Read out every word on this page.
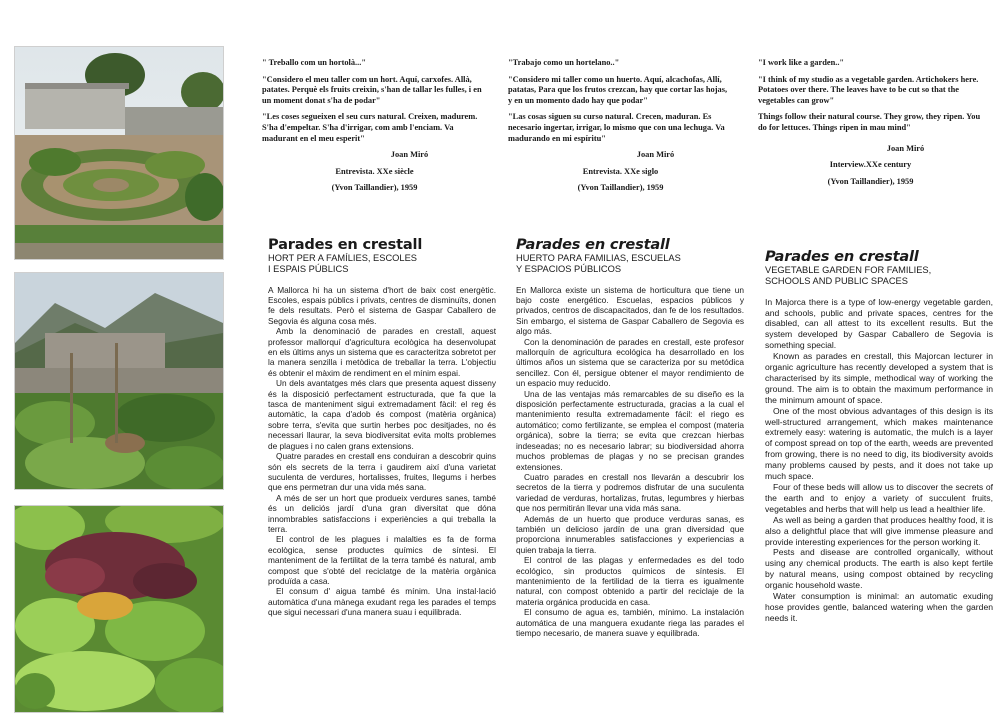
" Treballo com un hortolà..."

"Considero el meu taller com un hort. Aquí, carxofes. Allà, patates. Perquè els fruits creixin, s'han de tallar les fulles, i en un moment donat s'ha de podar"

"Les coses segueixen el seu curs natural. Creixen, madurem. S'ha d'empeltar. S'ha d'irrigar, com amb l'enciam. Va madurant en el meu esperit"

Joan Miró

Entrevista. XXe siècle

(Yvon Taillandier), 1959

Parades en crestall
HORT PER A FAMÍLIES, ESCOLES
I ESPAIS PÚBLICS

A Mallorca hi ha un sistema d'hort de baix cost energètic. Escoles, espais públics i privats, centres de disminuïts, donen fe dels resultats. Però el sistema de Gaspar Caballero de Segovia és alguna cosa més.

Amb la denominació de parades en crestall, aquest professor mallorquí d'agricultura ecològica ha desenvolupat en els últims anys un sistema que es caracteritza sobretot per la manera senzilla i metòdica de treballar la terra. L'objectiu és obtenir el màxim de rendiment en el mínim espai.

Un dels avantatges més clars que presenta aquest disseny és la disposició perfectament estructurada, que fa que la tasca de manteniment sigui extremadament fàcil: el reg és automàtic, la capa d'adob és compost (matèria orgànica) sobre terra, s'evita que surtin herbes poc desitjades, no és necessari llaurar, la seva biodiversitat evita molts problemes de plagues i no calen grans extensions.

Quatre parades en crestall ens conduiran a descobrir quins són els secrets de la terra i gaudirem així d'una varietat suculenta de verdures, hortalisses, fruites, llegums i herbes que ens permetran dur una vida més sana.

A més de ser un hort que produeix verdures sanes, també és un deliciós jardí d'una gran diversitat que dóna innombrables satisfaccions i experiències a qui treballa la terra.

El control de les plagues i malalties es fa de forma ecològica, sense productes químics de síntesi. El manteniment de la fertilitat de la terra també és natural, amb compost que s'obté del reciclatge de la matèria orgànica produïda a casa.

El consum d' aigua també és mínim. Una instal·lació automàtica d'una mànega exudant rega les parades el temps que sigui necessari d'una manera suau i equilibrada.

"Trabajo como un hortelano.."

"Considero mi taller como un huerto. Aquí, alcachofas, Allí, patatas, Para que los frutos crezcan, hay que cortar las hojas, y en un momento dado hay que podar"

"Las cosas siguen su curso natural. Crecen, maduran. Es necesario ingertar, irrigar, lo mismo que con una lechuga. Va madurando en mi espíritu"

Joan Miró

Entrevista. XXe siglo

(Yvon Taillandier), 1959

Parades en crestall
HUERTO PARA FAMILIAS, ESCUELAS
Y ESPACIOS PÚBLICOS

En Mallorca existe un sistema de horticultura que tiene un bajo coste energético. Escuelas, espacios públicos y privados, centros de discapacitados, dan fe de los resultados. Sin embargo, el sistema de Gaspar Caballero de Segovia es algo más.

Con la denominación de parades en crestall, este profesor mallorquín de agricultura ecológica ha desarrollado en los últimos años un sistema que se caracteriza por su metódica sencillez. Con él, persigue obtener el mayor rendimiento de un espacio muy reducido.

Una de las ventajas más remarcables de su diseño es la disposición perfectamente estructurada, gracias a la cual el mantenimiento resulta extremadamente fácil: el riego es automático; como fertilizante, se emplea el compost (materia orgánica), sobre la tierra; se evita que crezcan hierbas indeseadas; no es necesario labrar; su biodiversidad ahorra muchos problemas de plagas y no se precisan grandes extensiones.

Cuatro parades en crestall nos llevarán a descubrir los secretos de la tierra y podremos disfrutar de una suculenta variedad de verduras, hortalizas, frutas, legumbres y hierbas que nos permitirán llevar una vida más sana.

Además de un huerto que produce verduras sanas, es también un delicioso jardín de una gran diversidad que proporciona innumerables satisfacciones y experiencias a quien trabaja la tierra.

El control de las plagas y enfermedades es del todo ecológico, sin productos químicos de síntesis. El mantenimiento de la fertilidad de la tierra es igualmente natural, con compost obtenido a partir del reciclaje de la materia orgánica producida en casa.

El consumo de agua es, también, mínimo. La instalación automática de una manguera exudante riega las parades el tiempo necesario, de manera suave y equilibrada.

"I work like a garden.."

"I think of my studio as a vegetable garden. Artichokers here. Potatoes over there. The leaves have to be cut so that the vegetables can grow"

Things follow their natural course. They grow, they ripen. You do for lettuces. Things ripen in mau mind"

Joan Miró

Interview.XXe century

(Yvon Taillandier), 1959

Parades en crestall
VEGETABLE GARDEN FOR FAMILIES,
SCHOOLS AND PUBLIC SPACES

In Majorca there is a type of low-energy vegetable garden, and schools, public and private spaces, centres for the disabled, can all attest to its excellent results. But the system developed by Gaspar Caballero de Segovia is something special.

Known as parades en crestall, this Majorcan lecturer in organic agriculture has recently developed a system that is characterised by its simple, methodical way of working the ground. The aim is to obtain the maximum performance in the minimum amount of space.

One of the most obvious advantages of this design is its well-structured arrangement, which makes maintenance extremely easy: watering is automatic, the mulch is a layer of compost spread on top of the earth, weeds are prevented from growing, there is no need to dig, its biodiversity avoids many problems caused by pests, and it does not take up much space.

Four of these beds will allow us to discover the secrets of the earth and to enjoy a variety of succulent fruits, vegetables and herbs that will help us lead a healthier life.

As well as being a garden that produces healthy food, it is also a delightful place that will give immense pleasure and provide interesting experiences for the person working it.

Pests and disease are controlled organically, without using any chemical products. The earth is also kept fertile by natural means, using compost obtained by recycling organic household waste.

Water consumption is minimal: an automatic exuding hose provides gentle, balanced watering when the garden needs it.
